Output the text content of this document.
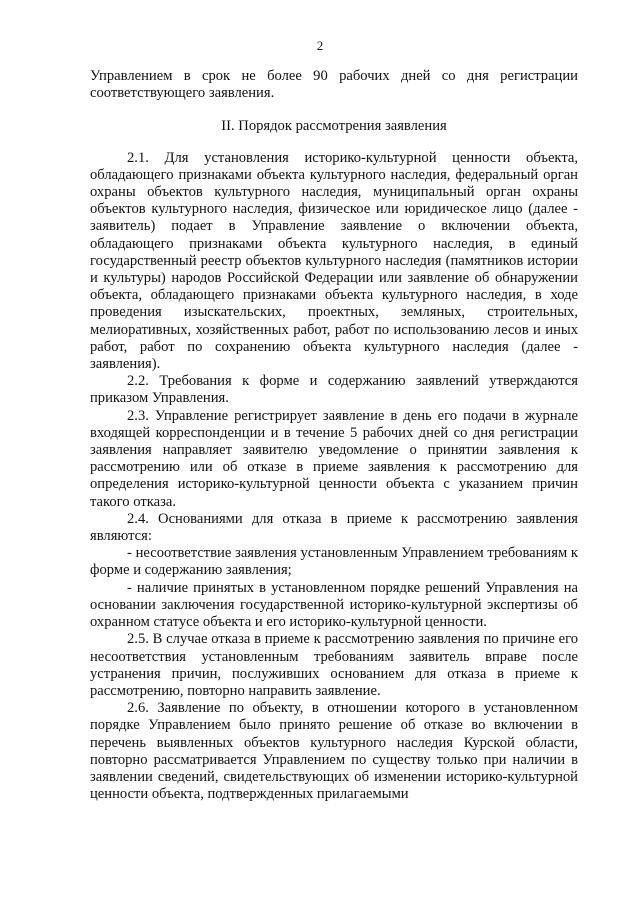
2

Управлением в срок не более 90 рабочих дней со дня регистрации соответствующего заявления.

II. Порядок рассмотрения заявления

2.1. Для установления историко-культурной ценности объекта, обладающего признаками объекта культурного наследия, федеральный орган охраны объектов культурного наследия, муниципальный орган охраны объектов культурного наследия, физическое или юридическое лицо (далее - заявитель) подает в Управление заявление о включении объекта, обладающего признаками объекта культурного наследия, в единый государственный реестр объектов культурного наследия (памятников истории и культуры) народов Российской Федерации или заявление об обнаружении объекта, обладающего признаками объекта культурного наследия, в ходе проведения изыскательских, проектных, земляных, строительных, мелиоративных, хозяйственных работ, работ по использованию лесов и иных работ, работ по сохранению объекта культурного наследия (далее - заявления).

2.2. Требования к форме и содержанию заявлений утверждаются приказом Управления.

2.3. Управление регистрирует заявление в день его подачи в журнале входящей корреспонденции и в течение 5 рабочих дней со дня регистрации заявления направляет заявителю уведомление о принятии заявления к рассмотрению или об отказе в приеме заявления к рассмотрению для определения историко-культурной ценности объекта с указанием причин такого отказа.

2.4. Основаниями для отказа в приеме к рассмотрению заявления являются:

- несоответствие заявления установленным Управлением требованиям к форме и содержанию заявления;

- наличие принятых в установленном порядке решений Управления на основании заключения государственной историко-культурной экспертизы об охранном статусе объекта и его историко-культурной ценности.

2.5. В случае отказа в приеме к рассмотрению заявления по причине его несоответствия установленным требованиям заявитель вправе после устранения причин, послуживших основанием для отказа в приеме к рассмотрению, повторно направить заявление.

2.6. Заявление по объекту, в отношении которого в установленном порядке Управлением было принято решение об отказе во включении в перечень выявленных объектов культурного наследия Курской области, повторно рассматривается Управлением по существу только при наличии в заявлении сведений, свидетельствующих об изменении историко-культурной ценности объекта, подтвержденных прилагаемыми
